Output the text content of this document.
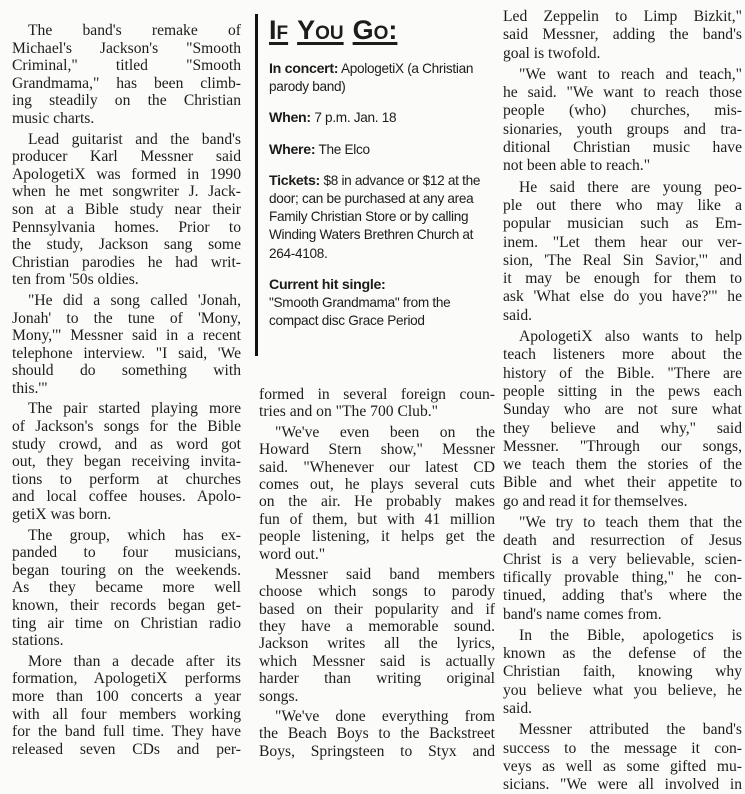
If You Go:
In concert: ApologetiX (a Christian parody band)
When: 7 p.m. Jan. 18
Where: The Elco
Tickets: $8 in advance or $12 at the door; can be purchased at any area Family Christian Store or by calling Winding Waters Brethren Church at 264-4108.
Current hit single:
"Smooth Grandmama" from the compact disc Grace Period
The band's remake of
Michael's Jackson's "Smooth
Criminal," titled "Smooth
Grandmama," has been climb-
ing steadily on the Christian
music charts.
Lead guitarist and the band's
producer Karl Messner said
ApologetiX was formed in 1990
when he met songwriter J. Jack-
son at a Bible study near their
Pennsylvania homes. Prior to
the study, Jackson sang some
Christian parodies he had writ-
ten from '50s oldies.
"He did a song called 'Jonah,
Jonah' to the tune of 'Mony,
Mony,'" Messner said in a recent
telephone interview. "I said, 'We
should do something with
this.'"
The pair started playing more
of Jackson's songs for the Bible
study crowd, and as word got
out, they began receiving invita-
tions to perform at churches
and local coffee houses. Apolo-
getiX was born.
The group, which has ex-
panded to four musicians,
began touring on the weekends.
As they became more well
known, their records began get-
ting air time on Christian radio
stations.
More than a decade after its
formation, ApologetiX performs
more than 100 concerts a year
with all four members working
for the band full time. They have
released seven CDs and per-
formed in several foreign coun-
tries and on "The 700 Club."
"We've even been on the
Howard Stern show," Messner
said. "Whenever our latest CD
comes out, he plays several cuts
on the air. He probably makes
fun of them, but with 41 million
people listening, it helps get the
word out."
Messner said band members
choose which songs to parody
based on their popularity and if
they have a memorable sound.
Jackson writes all the lyrics,
which Messner said is actually
harder than writing original
songs.
"We've done everything from
the Beach Boys to the Backstreet
Boys, Springsteen to Styx and
Led Zeppelin to Limp Bizkit,"
said Messner, adding the band's
goal is twofold.
"We want to reach and teach,"
he said. "We want to reach those
people (who) churches, mis-
sionaries, youth groups and tra-
ditional Christian music have
not been able to reach."
He said there are young peo-
ple out there who may like a
popular musician such as Em-
inem. "Let them hear our ver-
sion, 'The Real Sin Savior,'" and
it may be enough for them to
ask 'What else do you have?'" he
said.
ApologetiX also wants to help
teach listeners more about the
history of the Bible. "There are
people sitting in the pews each
Sunday who are not sure what
they believe and why," said
Messner. "Through our songs,
we teach them the stories of the
Bible and whet their appetite to
go and read it for themselves.
"We try to teach them that the
death and resurrection of Jesus
Christ is a very believable, scien-
tifically provable thing," he con-
tinued, adding that's where the
band's name comes from.
In the Bible, apologetics is
known as the defense of the
Christian faith, knowing why
you believe what you believe, he
said.
Messner attributed the band's
success to the message it con-
veys as well as some gifted mu-
sicians. "We were all involved in
